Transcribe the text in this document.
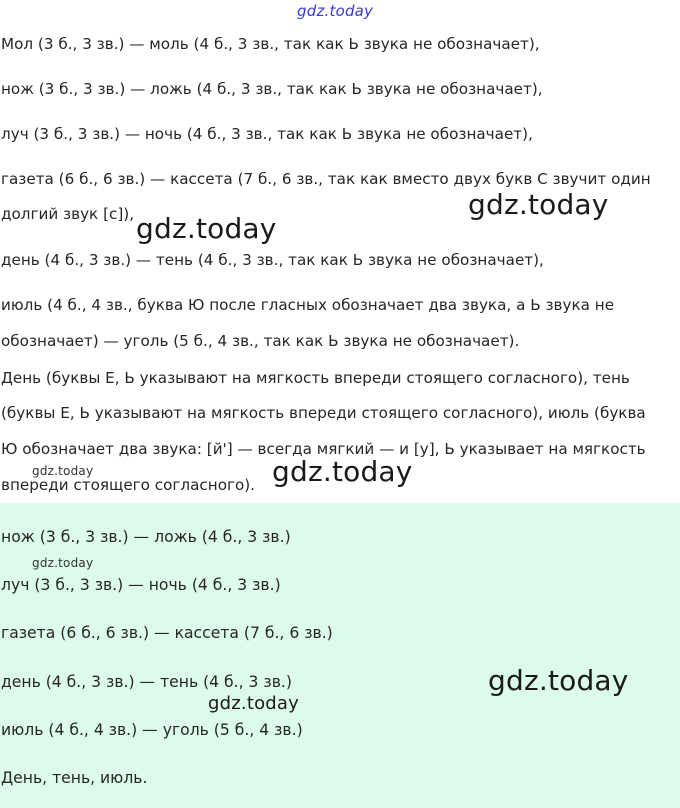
Мол (3 б., 3 зв.) — моль (4 б., 3 зв., так как Ь звука не обозначает),
нож (3 б., 3 зв.) — ложь (4 б., 3 зв., так как Ь звука не обозначает),
луч (3 б., 3 зв.) — ночь (4 б., 3 зв., так как Ь звука не обозначает),
газета (6 б., 6 зв.) — кассета (7 б., 6 зв., так как вместо двух букв С звучит один
долгий звук [с]),
день (4 б., 3 зв.) — тень (4 б., 3 зв., так как Ь звука не обозначает),
июль (4 б., 4 зв., буква Ю после гласных обозначает два звука, а Ь звука не
обозначает) — уголь (5 б., 4 зв., так как Ь звука не обозначает).
День (буквы Е, Ь указывают на мягкость впереди стоящего согласного), тень
(буквы Е, Ь указывают на мягкость впереди стоящего согласного), июль (буква
Ю обозначает два звука: [й'] — всегда мягкий — и [у], Ь указывает на мягкость
впереди стоящего согласного).
нож (3 б., 3 зв.) — ложь (4 б., 3 зв.)
луч (3 б., 3 зв.) — ночь (4 б., 3 зв.)
газета (6 б., 6 зв.) — кассета (7 б., 6 зв.)
день (4 б., 3 зв.) — тень (4 б., 3 зв.)
июль (4 б., 4 зв.) — уголь (5 б., 4 зв.)
День, тень, июль.
gdz.today
gdz.today
gdz.today
gdz.today	gdz.today
gdz.today
gdz.today
gdz.today
